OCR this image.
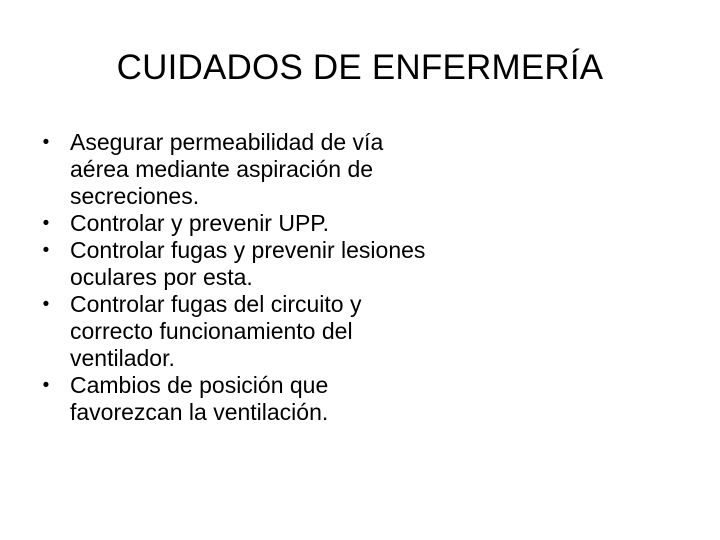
CUIDADOS DE ENFERMERÍA
• Asegurar permeabilidad de vía aérea mediante aspiración de secreciones.
• Controlar y prevenir UPP.
• Controlar fugas y prevenir lesiones oculares por esta.
• Controlar fugas del circuito y correcto funcionamiento del ventilador.
• Cambios de posición que favorezcan la ventilación.
